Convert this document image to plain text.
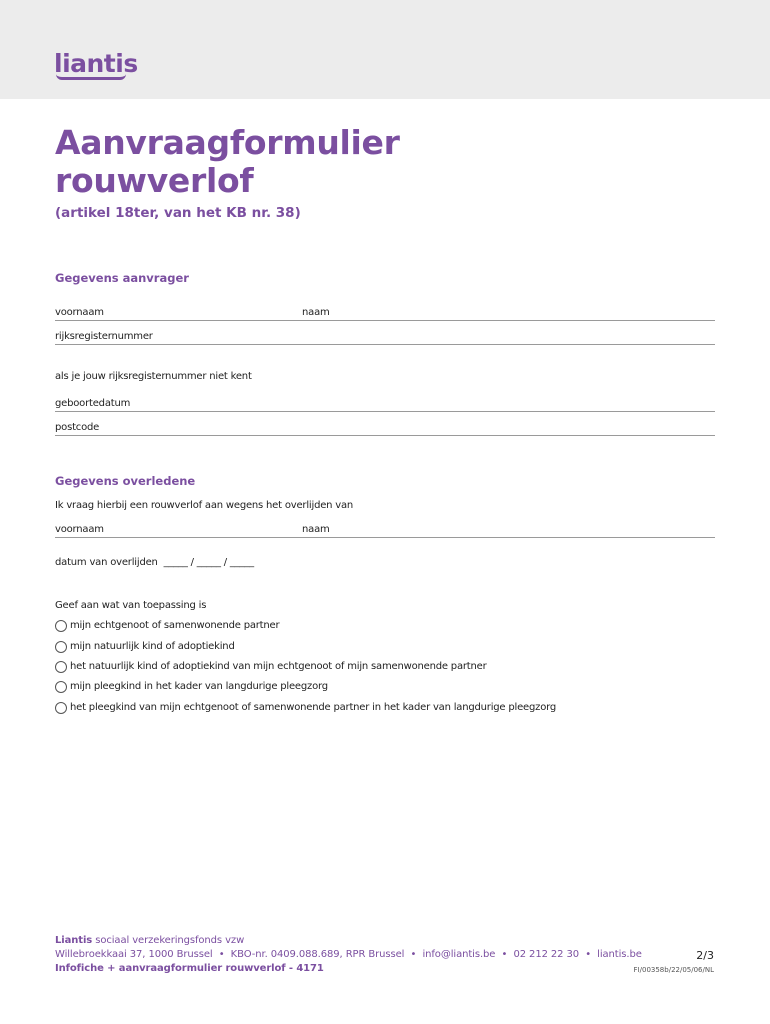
liantis
Aanvraagformulier
rouwverlof
(artikel 18ter, van het KB nr. 38)
Gegevens aanvrager
voornaam	naam
rijksregisternummer
als je jouw rijksregisternummer niet kent
geboortedatum
postcode
Gegevens overledene
Ik vraag hierbij een rouwverlof aan wegens het overlijden van
voornaam	naam
datum van overlijden  _____ / _____ / _____
Geef aan wat van toepassing is
mijn echtgenoot of samenwonende partner
mijn natuurlijk kind of adoptiekind
het natuurlijk kind of adoptiekind van mijn echtgenoot of mijn samenwonende partner
mijn pleegkind in het kader van langdurige pleegzorg
het pleegkind van mijn echtgenoot of samenwonende partner in het kader van langdurige pleegzorg
Liantis sociaal verzekeringsfonds vzw
Willebroekkaai 37, 1000 Brussel  •  KBO-nr. 0409.088.689, RPR Brussel  •  info@liantis.be  •  02 212 22 30  •  liantis.be
Infofiche + aanvraagformulier rouwverlof - 4171
2/3
FI/00358b/22/05/06/NL
